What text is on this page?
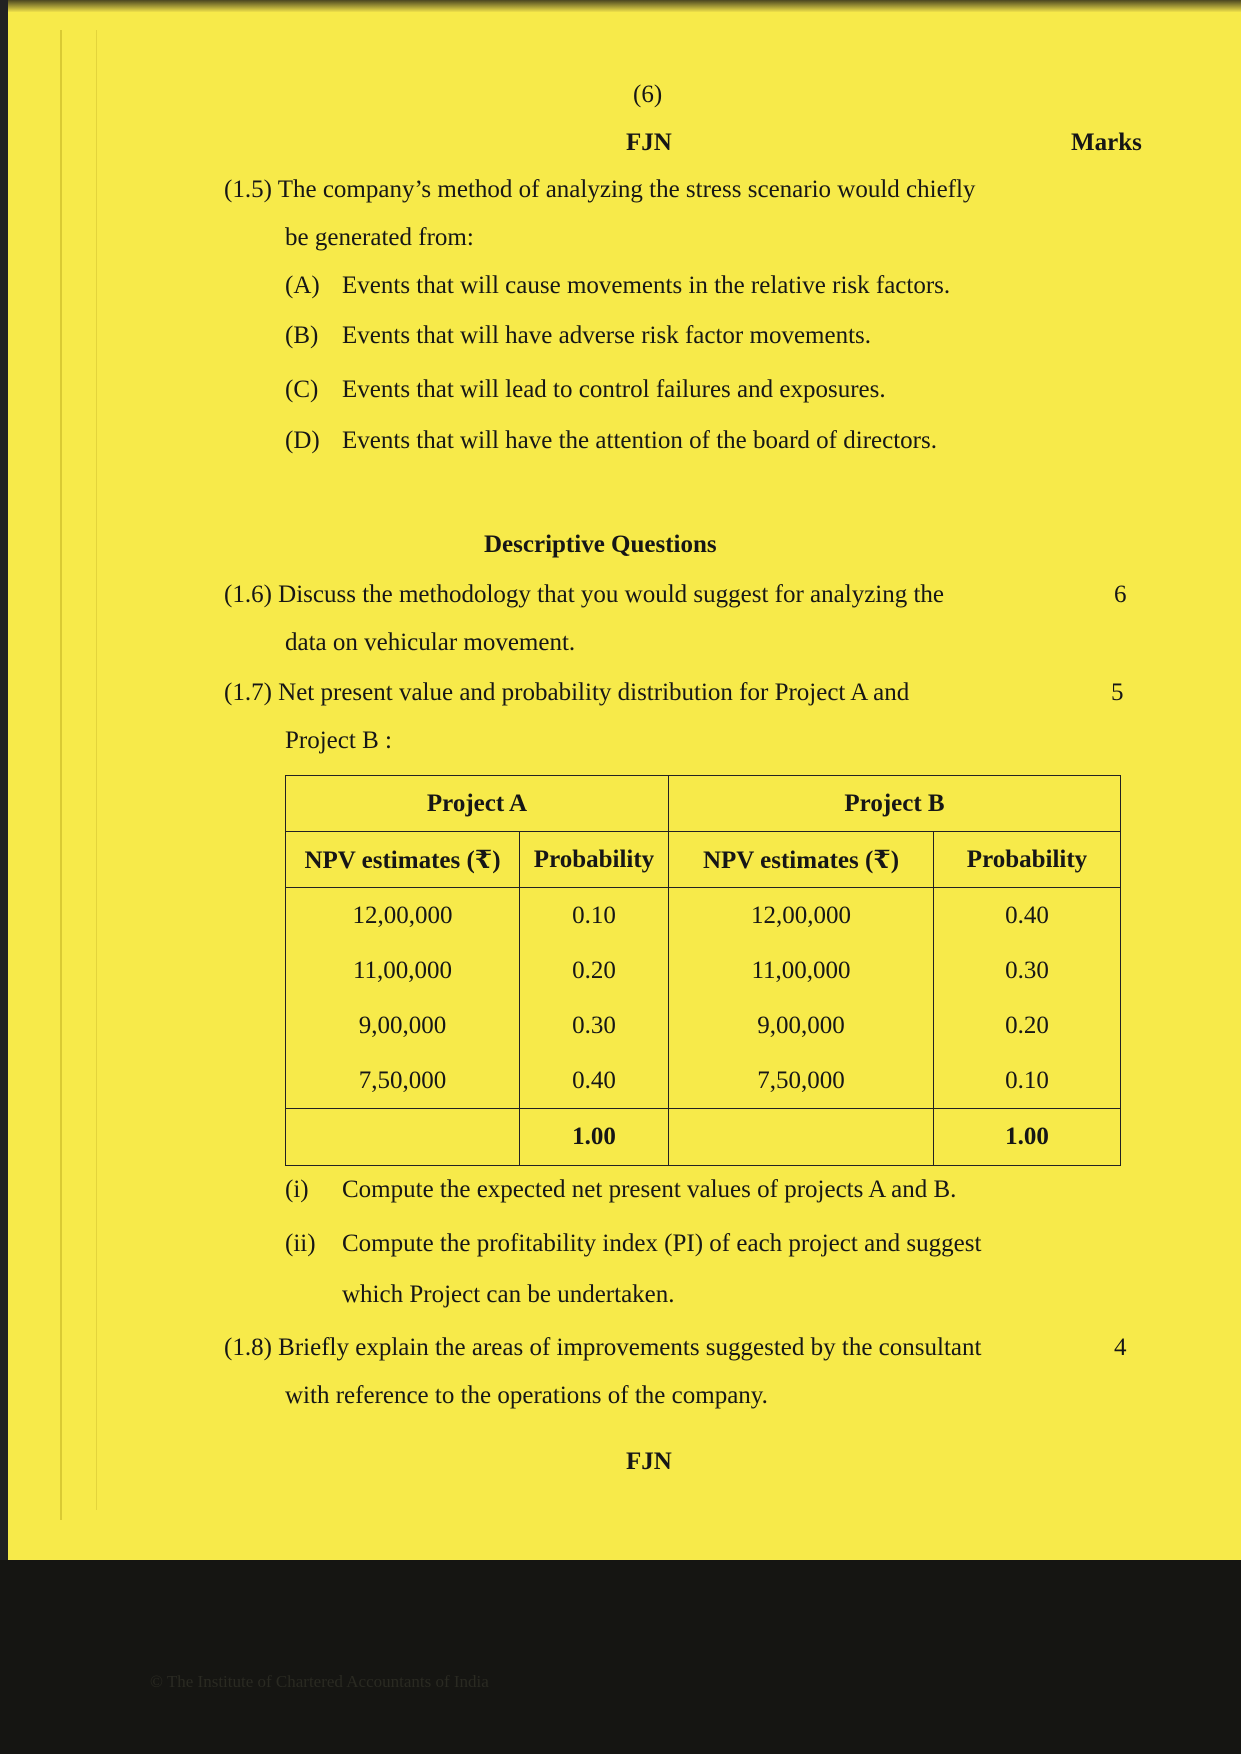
© The Institute of Chartered Accountants of India
(6)
FJN	Marks
(1.5) The company’s method of analyzing the stress scenario would chiefly
be generated from:
(A) Events that will cause movements in the relative risk factors.
(B) Events that will have adverse risk factor movements.
(C) Events that will lead to control failures and exposures.
(D) Events that will have the attention of the board of directors.
Descriptive Questions
(1.6) Discuss the methodology that you would suggest for analyzing the
data on vehicular movement.
6
(1.7) Net present value and probability distribution for Project A and
Project B :
5
Project A		Project B	
NPV estimates (₹)	Probability	NPV estimates (₹)	Probability
12,00,000	0.10	12,00,000	0.40
11,00,000	0.20	11,00,000	0.30
9,00,000	0.30	9,00,000	0.20
7,50,000	0.40	7,50,000	0.10
	1.00		1.00
(i) Compute the expected net present values of projects A and B.
(ii) Compute the profitability index (PI) of each project and suggest
which Project can be undertaken.
(1.8) Briefly explain the areas of improvements suggested by the consultant
with reference to the operations of the company.
4
FJN
